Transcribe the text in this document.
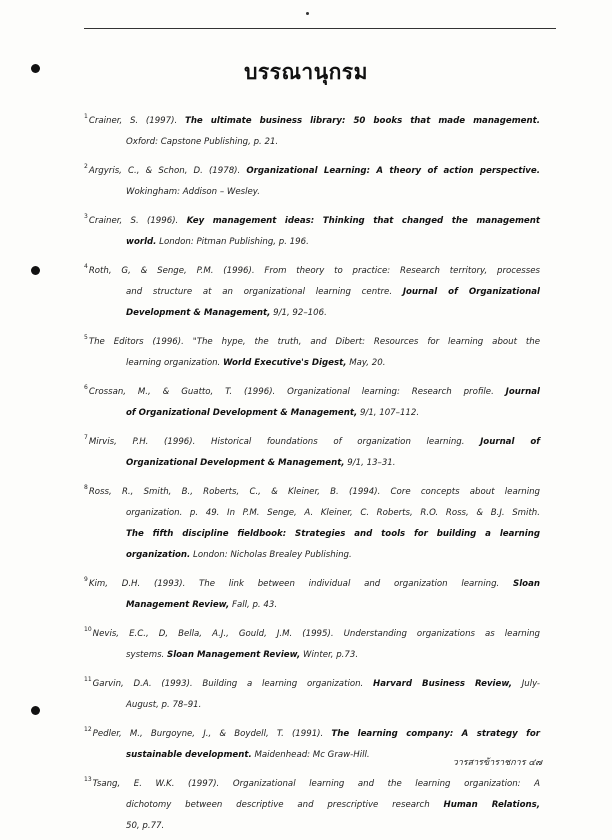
บรรณานุกรม
$^1$Crainer, S. (1997). The ultimate business library: 50 books that made management.
Oxford: Capstone Publishing, p. 21.
$^2$Argyris, C., & Schon, D. (1978). Organizational Learning: A theory of action perspective.
Wokingham: Addison – Wesley.
$^3$Crainer, S. (1996). Key management ideas: Thinking that changed the management
world. London: Pitman Publishing, p. 196.
$^4$Roth, G, & Senge, P.M. (1996). From theory to practice: Research territory, processes
and structure at an organizational learning centre. Journal of Organizational
Development & Management, 9/1, 92–106.
$^5$The Editors (1996). "The hype, the truth, and Dibert: Resources for learning about the
learning organization. World Executive's Digest, May, 20.
$^6$Crossan, M., & Guatto, T. (1996). Organizational learning: Research profile. Journal
of Organizational Development & Management, 9/1, 107–112.
$^7$Mirvis, P.H. (1996). Historical foundations of organization learning. Journal of
Organizational Development & Management, 9/1, 13–31.
$^8$Ross, R., Smith, B., Roberts, C., & Kleiner, B. (1994). Core concepts about learning
organization. p. 49. In P.M. Senge, A. Kleiner, C. Roberts, R.O. Ross, & B.J. Smith.
The fifth discipline fieldbook: Strategies and tools for building a learning
organization. London: Nicholas Brealey Publishing.
$^9$Kim, D.H. (1993). The link between individual and organization learning. Sloan
Management Review, Fall, p. 43.
$^{10}$Nevis, E.C., D, Bella, A.J., Gould, J.M. (1995). Understanding organizations as learning
systems. Sloan Management Review, Winter, p.73.
$^{11}$Garvin, D.A. (1993). Building a learning organization. Harvard Business Review, July-
August, p. 78–91.
$^{12}$Pedler, M., Burgoyne, J., & Boydell, T. (1991). The learning company: A strategy for
sustainable development. Maidenhead: Mc Graw-Hill.
$^{13}$Tsang, E. W.K. (1997). Organizational learning and the learning organization: A
dichotomy between descriptive and prescriptive research Human Relations,
50, p.77.
วารสารข้าราชการ ๔๗
